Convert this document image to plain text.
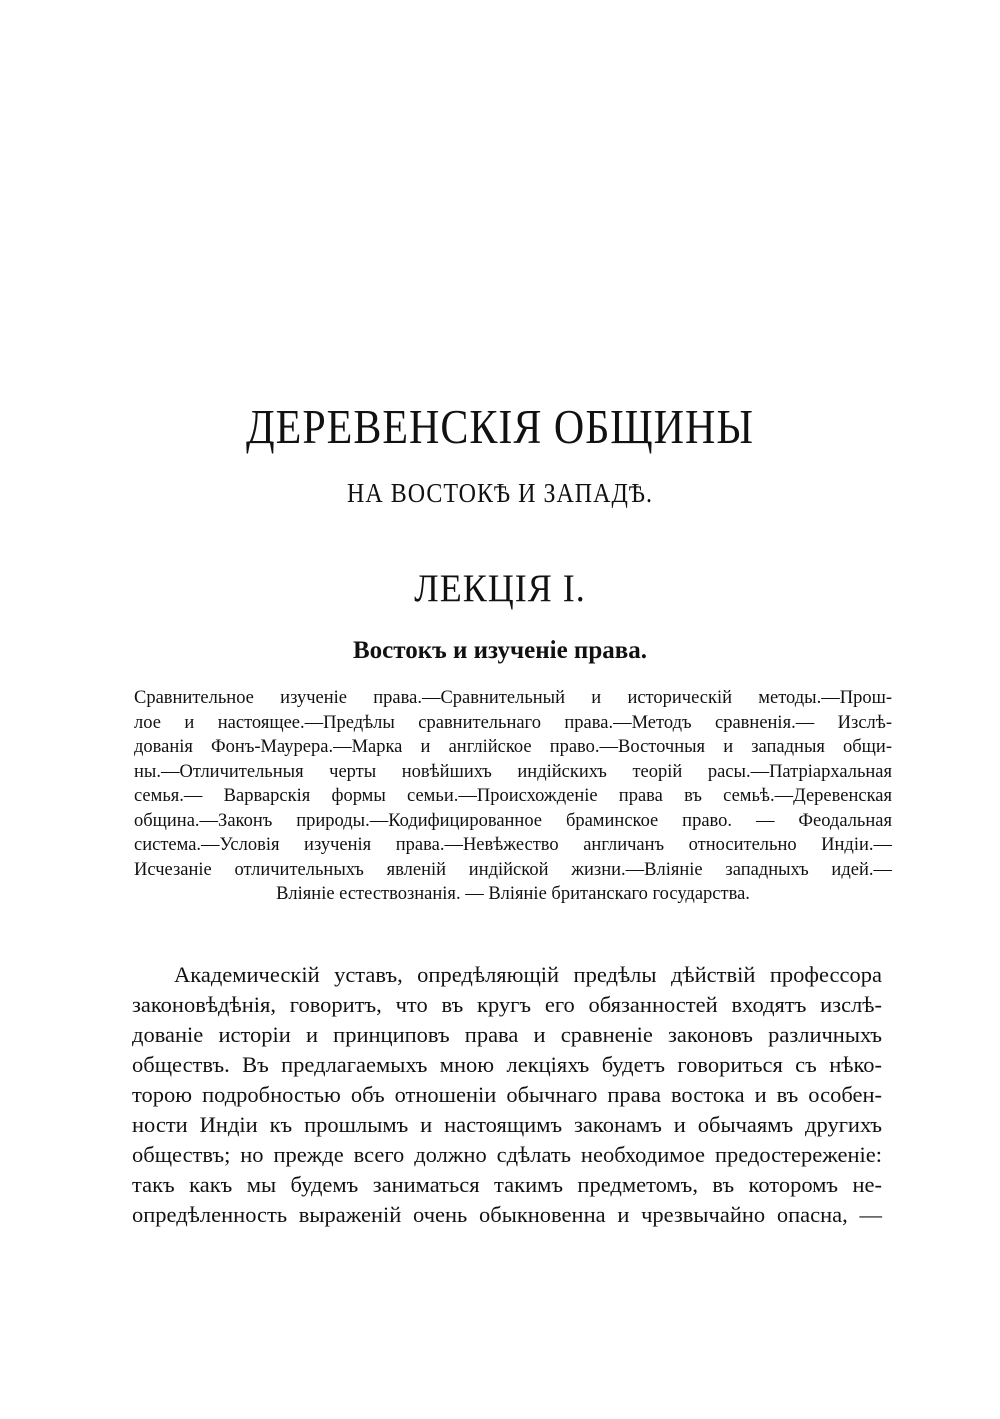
ДЕРЕВЕНСКІЯ ОБЩИНЫ
НА ВОСТОКѢ И ЗАПАДѢ.
ЛЕКЦІЯ I.
Востокъ и изученіе права.
Сравнительное изученіе права.—Сравнительный и историческій методы.—Прош-
лое и настоящее.—Предѣлы сравнительнаго права.—Методъ сравненія.— Изслѣ-
дованія Фонъ-Маурера.—Марка и англійское право.—Восточныя и западныя общи-
ны.—Отличительныя черты новѣйшихъ индійскихъ теорій расы.—Патріархальная
семья.— Варварскія формы семьи.—Происхожденіе права въ семьѣ.—Деревенская
община.—Законъ природы.—Кодифицированное браминское право. — Феодальная
система.—Условія изученія права.—Невѣжество англичанъ относительно Индіи.—
Исчезаніе отличительныхъ явленій индійской жизни.—Вліяніе западныхъ идей.—
Вліяніе естествознанія. — Вліяніе британскаго государства.
Академическій уставъ, опредѣляющій предѣлы дѣйствій профессора
законовѣдѣнія, говоритъ, что въ кругъ его обязанностей входятъ изслѣ-
дованіе исторіи и принциповъ права и сравненіе законовъ различныхъ
обществъ. Въ предлагаемыхъ мною лекціяхъ будетъ говориться съ нѣко-
торою подробностью объ отношеніи обычнаго права востока и въ особен-
ности Индіи къ прошлымъ и настоящимъ законамъ и обычаямъ другихъ
обществъ; но прежде всего должно сдѣлать необходимое предостереженіе:
такъ какъ мы будемъ заниматься такимъ предметомъ, въ которомъ не-
опредѣленность выраженій очень обыкновенна и чрезвычайно опасна, —
